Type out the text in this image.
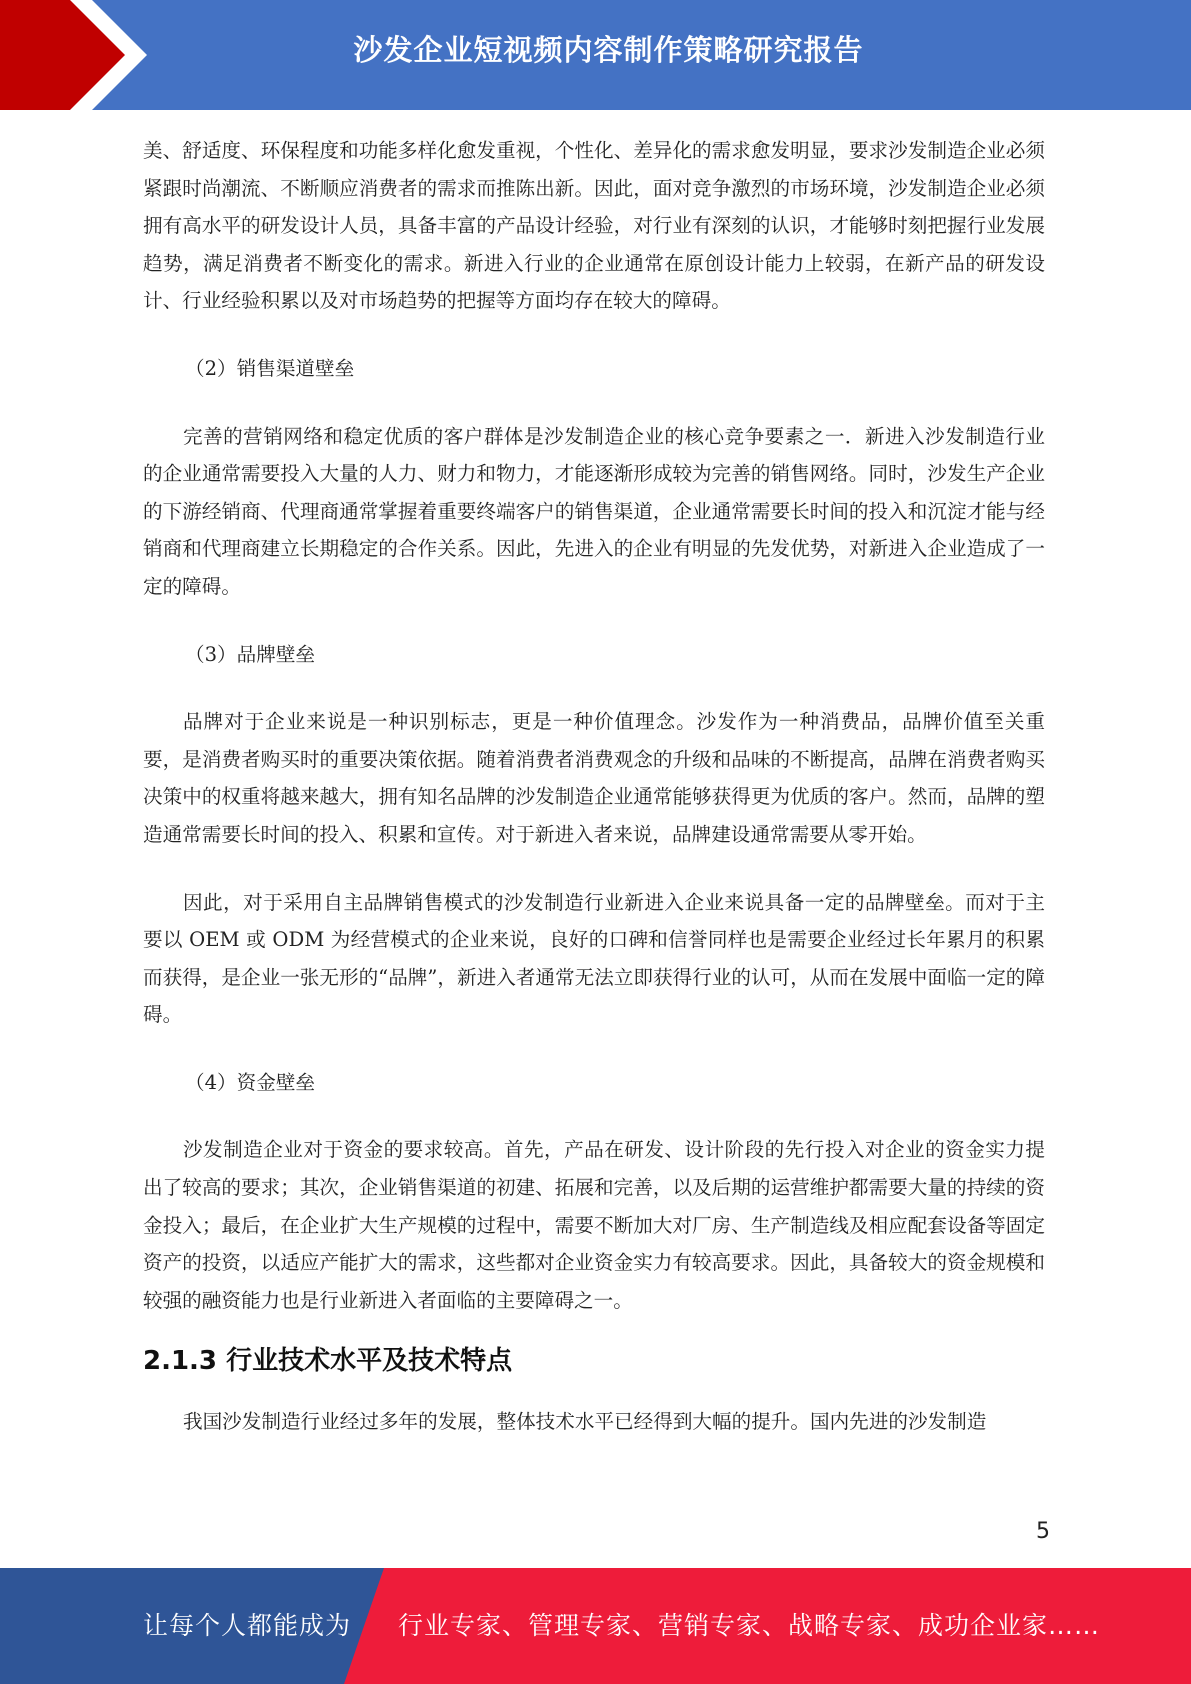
沙发企业短视频内容制作策略研究报告

美、舒适度、环保程度和功能多样化愈发重视，个性化、差异化的需求愈发明显，要求沙发制造企业必须紧跟时尚潮流、不断顺应消费者的需求而推陈出新。因此，面对竞争激烈的市场环境，沙发制造企业必须拥有高水平的研发设计人员，具备丰富的产品设计经验，对行业有深刻的认识，才能够时刻把握行业发展趋势，满足消费者不断变化的需求。新进入行业的企业通常在原创设计能力上较弱，在新产品的研发设计、行业经验积累以及对市场趋势的把握等方面均存在较大的障碍。

（2）销售渠道壁垒

完善的营销网络和稳定优质的客户群体是沙发制造企业的核心竞争要素之一．新进入沙发制造行业的企业通常需要投入大量的人力、财力和物力，才能逐渐形成较为完善的销售网络。同时，沙发生产企业的下游经销商、代理商通常掌握着重要终端客户的销售渠道，企业通常需要长时间的投入和沉淀才能与经销商和代理商建立长期稳定的合作关系。因此，先进入的企业有明显的先发优势，对新进入企业造成了一定的障碍。

（3）品牌壁垒

品牌对于企业来说是一种识别标志，更是一种价值理念。沙发作为一种消费品，品牌价值至关重要，是消费者购买时的重要决策依据。随着消费者消费观念的升级和品味的不断提高，品牌在消费者购买决策中的权重将越来越大，拥有知名品牌的沙发制造企业通常能够获得更为优质的客户。然而，品牌的塑造通常需要长时间的投入、积累和宣传。对于新进入者来说，品牌建设通常需要从零开始。

因此，对于采用自主品牌销售模式的沙发制造行业新进入企业来说具备一定的品牌壁垒。而对于主要以 OEM 或 ODM 为经营模式的企业来说，良好的口碑和信誉同样也是需要企业经过长年累月的积累而获得，是企业一张无形的“品牌”，新进入者通常无法立即获得行业的认可，从而在发展中面临一定的障碍。

（4）资金壁垒

沙发制造企业对于资金的要求较高。首先，产品在研发、设计阶段的先行投入对企业的资金实力提出了较高的要求；其次，企业销售渠道的初建、拓展和完善，以及后期的运营维护都需要大量的持续的资金投入；最后，在企业扩大生产规模的过程中，需要不断加大对厂房、生产制造线及相应配套设备等固定资产的投资，以适应产能扩大的需求，这些都对企业资金实力有较高要求。因此，具备较大的资金规模和较强的融资能力也是行业新进入者面临的主要障碍之一。

2.1.3 行业技术水平及技术特点

我国沙发制造行业经过多年的发展，整体技术水平已经得到大幅的提升。国内先进的沙发制造

5
让每个人都能成为 行业专家、管理专家、营销专家、战略专家、成功企业家……
